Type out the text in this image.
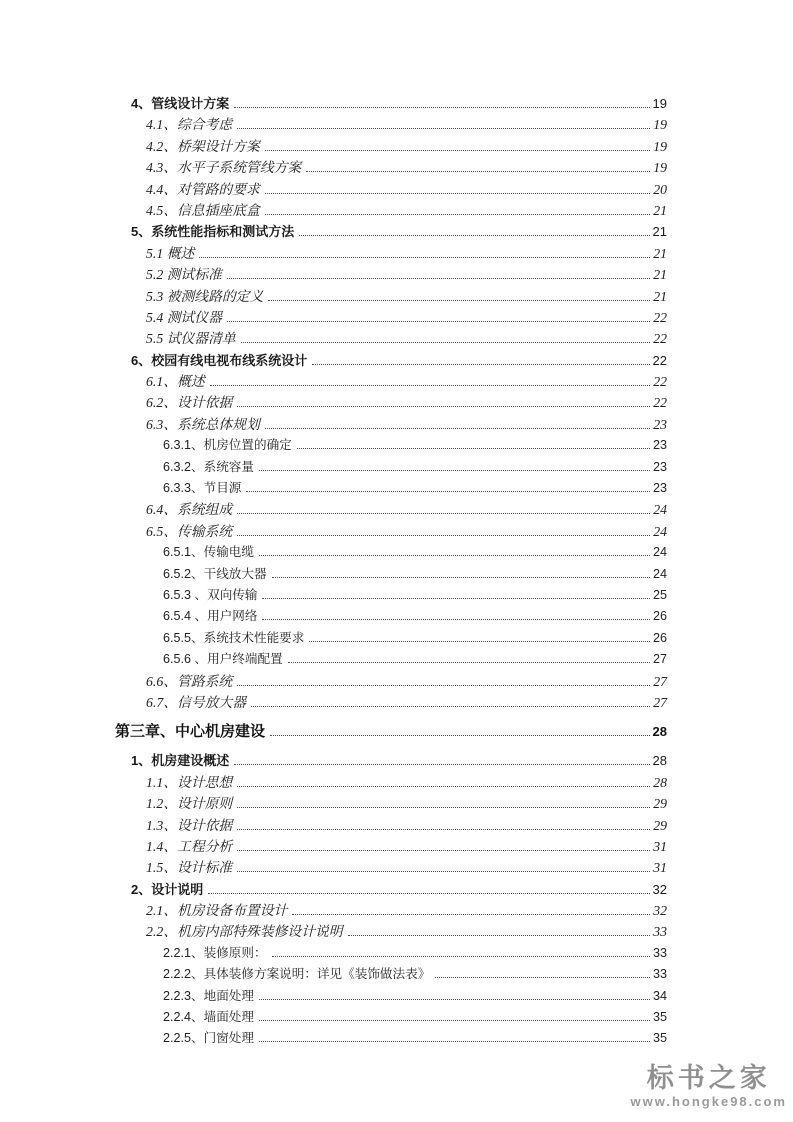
4、管线设计方案	19
4.1、综合考虑	19
4.2、桥架设计方案	19
4.3、水平子系统管线方案	19
4.4、对管路的要求	20
4.5、信息插座底盒	21
5、系统性能指标和测试方法	21
5.1 概述	21
5.2 测试标准	21
5.3 被测线路的定义	21
5.4 测试仪器	22
5.5 试仪器清单	22
6、校园有线电视布线系统设计	22
6.1、概述	22
6.2、设计依据	22
6.3、系统总体规划	23
6.3.1、机房位置的确定	23
6.3.2、系统容量	23
6.3.3、节目源	23
6.4、系统组成	24
6.5、传输系统	24
6.5.1、传输电缆	24
6.5.2、干线放大器	24
6.5.3 、双向传输	25
6.5.4 、用户网络	26
6.5.5、系统技术性能要求	26
6.5.6 、用户终端配置	27
6.6、管路系统	27
6.7、信号放大器	27
第三章、中心机房建设	28
1、机房建设概述	28
1.1、设计思想	28
1.2、设计原则	29
1.3、设计依据	29
1.4、工程分析	31
1.5、设计标准	31
2、设计说明	32
2.1、机房设备布置设计	32
2.2、机房内部特殊装修设计说明	33
2.2.1、装修原则：	33
2.2.2、具体装修方案说明：详见《装饰做法表》	33
2.2.3、地面处理	34
2.2.4、墙面处理	35
2.2.5、门窗处理	35
标书之家
www.hongke98.com
